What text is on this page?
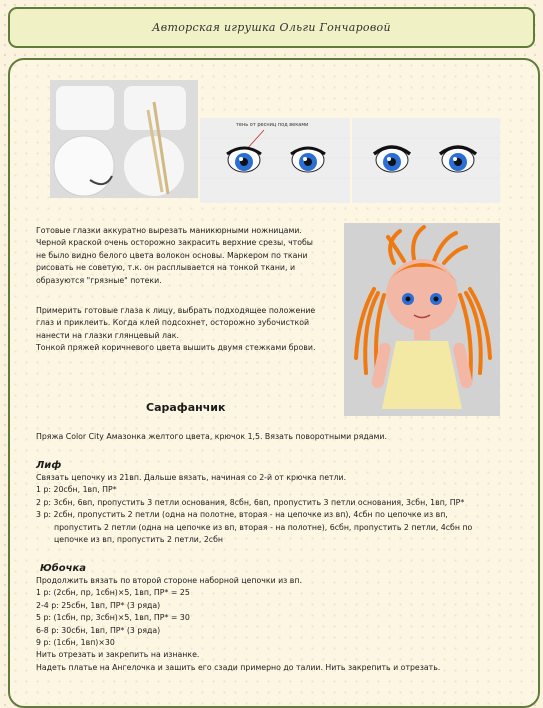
Авторская игрушка Ольги Гончаровой
тень от ресниц под веками
Готовые глазки аккуратно вырезать маникюрными ножницами.
Черной краской очень осторожно закрасить верхние срезы, чтобы
не было видно белого цвета волокон основы. Маркером по ткани
рисовать не советую, т.к. он расплывается на тонкой ткани, и
образуются "грязные" потеки.
Примерить готовые глаза к лицу, выбрать подходящее положение
глаз и приклеить. Когда клей подсохнет, осторожно зубочисткой
нанести на глазки глянцевый лак.
Тонкой пряжей коричневого цвета вышить двумя стежками брови.
Сарафанчик
Пряжа Color City Амазонка желтого цвета, крючок 1,5. Вязать поворотными рядами.
Лиф
Связать цепочку из 21вп. Дальше вязать, начиная со 2-й от крючка петли.
1 р: 20сбн, 1вп, ПР*
2 р: 3сбн, 6вп, пропустить 3 петли основания, 8сбн, 6вп, пропустить 3 петли основания, 3сбн, 1вп, ПР*
3 р: 2сбн, пропустить 2 петли (одна на полотне, вторая - на цепочке из вп), 4сбн по цепочке из вп,
пропустить 2 петли (одна на цепочке из вп, вторая - на полотне), 6сбн, пропустить 2 петли, 4сбн по
цепочке из вп, пропустить 2 петли, 2сбн
Юбочка
Продолжить вязать по второй стороне наборной цепочки из вп.
1 р: (2сбн, пр, 1сбн)×5, 1вп, ПР* = 25
2-4 р: 25сбн, 1вп, ПР* (3 ряда)
5 р: (1сбн, пр, 3сбн)×5, 1вп, ПР* = 30
6-8 р: 30сбн, 1вп, ПР* (3 ряда)
9 р: (1сбн, 1вп)×30
Нить отрезать и закрепить на изнанке.
Надеть платье на Ангелочка и зашить его сзади примерно до талии. Нить закрепить и отрезать.
